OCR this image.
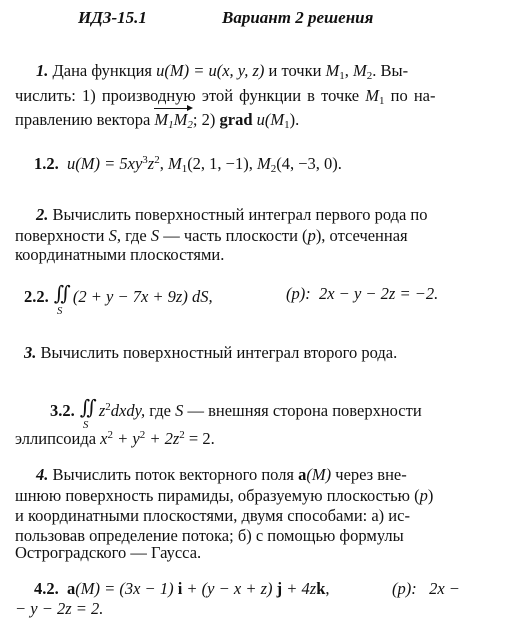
ИДЗ-15.1	Вариант 2 решения
1. Дана функция u(M) = u(x, y, z) и точки $M_1$, $M_2$. Вы-
числить: 1) производную этой функции в точке $M_1$ по на-
правлению вектора $M_1M_2$; 2) grad $u(M_1)$.
1.2. $u(M) = 5xy^3z^2$, $M_1(2$, 1, −1), $M_2(4$, −3, 0).
2. Вычислить поверхностный интеграл первого рода по
поверхности S, где S — часть плоскости (p), отсеченная
координатными плоскостями.
2.2. ∬
S
(2 + y − 7x + 9z) dS,	(p): 2x − y − 2z = −2.
3. Вычислить поверхностный интеграл второго рода.
3.2. ∬
S
$z^2dxdy$, где S — внешняя сторона поверхности
эллипсоида $x^2 + y^2 + 2z^2 = 2$.
4. Вычислить поток векторного поля a(M) через вне-
шнюю поверхность пирамиды, образуемую плоскостью (p)
и координатными плоскостями, двумя способами: а) ис-
пользовав определение потока; б) с помощью формулы
Остроградского — Гаусса.
4.2. a(M) = (3x − 1) i + (y − x + z) j + 4zk,	(p): 2x −
− y − 2z = 2.
